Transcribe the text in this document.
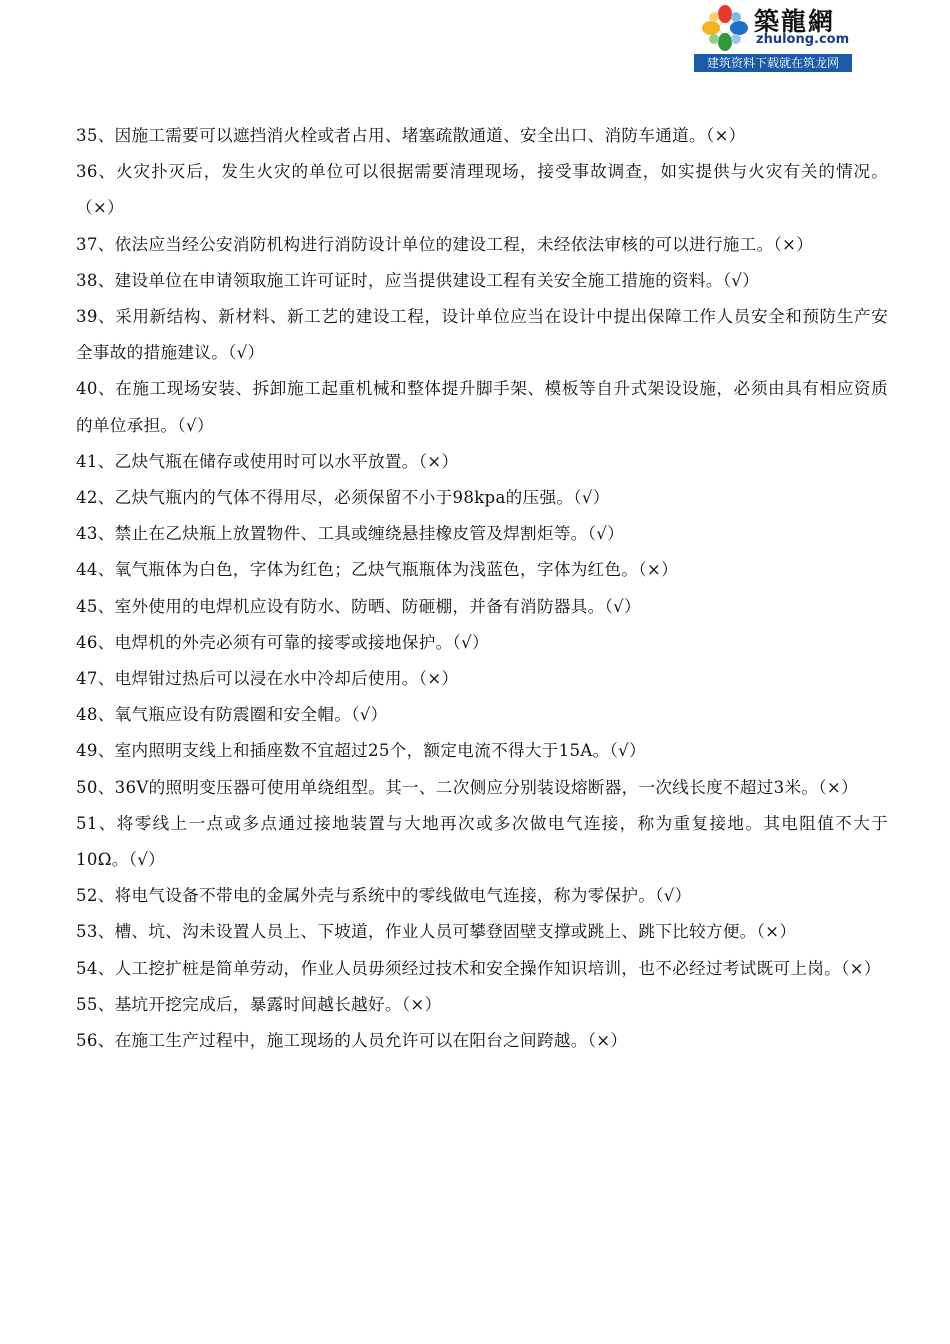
築龍網
zhulong.com
建筑资料下载就在筑龙网

35、因施工需要可以遮挡消火栓或者占用、堵塞疏散通道、安全出口、消防车通道。（×）

36、火灾扑灭后，发生火灾的单位可以很据需要清理现场，接受事故调查，如实提供与火灾有关的情况。（×）

37、依法应当经公安消防机构进行消防设计单位的建设工程，未经依法审核的可以进行施工。（×）

38、建设单位在申请领取施工许可证时，应当提供建设工程有关安全施工措施的资料。（√）

39、采用新结构、新材料、新工艺的建设工程，设计单位应当在设计中提出保障工作人员安全和预防生产安全事故的措施建议。（√）

40、在施工现场安装、拆卸施工起重机械和整体提升脚手架、模板等自升式架设设施，必须由具有相应资质的单位承担。（√）

41、乙炔气瓶在储存或使用时可以水平放置。（×）

42、乙炔气瓶内的气体不得用尽，必须保留不小于98kpa的压强。（√）

43、禁止在乙炔瓶上放置物件、工具或缠绕悬挂橡皮管及焊割炬等。（√）

44、氧气瓶体为白色，字体为红色；乙炔气瓶瓶体为浅蓝色，字体为红色。（×）

45、室外使用的电焊机应设有防水、防晒、防砸棚，并备有消防器具。（√）

46、电焊机的外壳必须有可靠的接零或接地保护。（√）

47、电焊钳过热后可以浸在水中冷却后使用。（×）

48、氧气瓶应设有防震圈和安全帽。（√）

49、室内照明支线上和插座数不宜超过25个，额定电流不得大于15A。（√）

50、36V的照明变压器可使用单绕组型。其一、二次侧应分别装设熔断器，一次线长度不超过3米。（×）

51、将零线上一点或多点通过接地装置与大地再次或多次做电气连接，称为重复接地。其电阻值不大于10Ω。（√）

52、将电气设备不带电的金属外壳与系统中的零线做电气连接，称为零保护。（√）

53、槽、坑、沟未设置人员上、下坡道，作业人员可攀登固壁支撑或跳上、跳下比较方便。（×）

54、人工挖扩桩是简单劳动，作业人员毋须经过技术和安全操作知识培训，也不必经过考试既可上岗。（×）

55、基坑开挖完成后，暴露时间越长越好。（×）

56、在施工生产过程中，施工现场的人员允许可以在阳台之间跨越。（×）
